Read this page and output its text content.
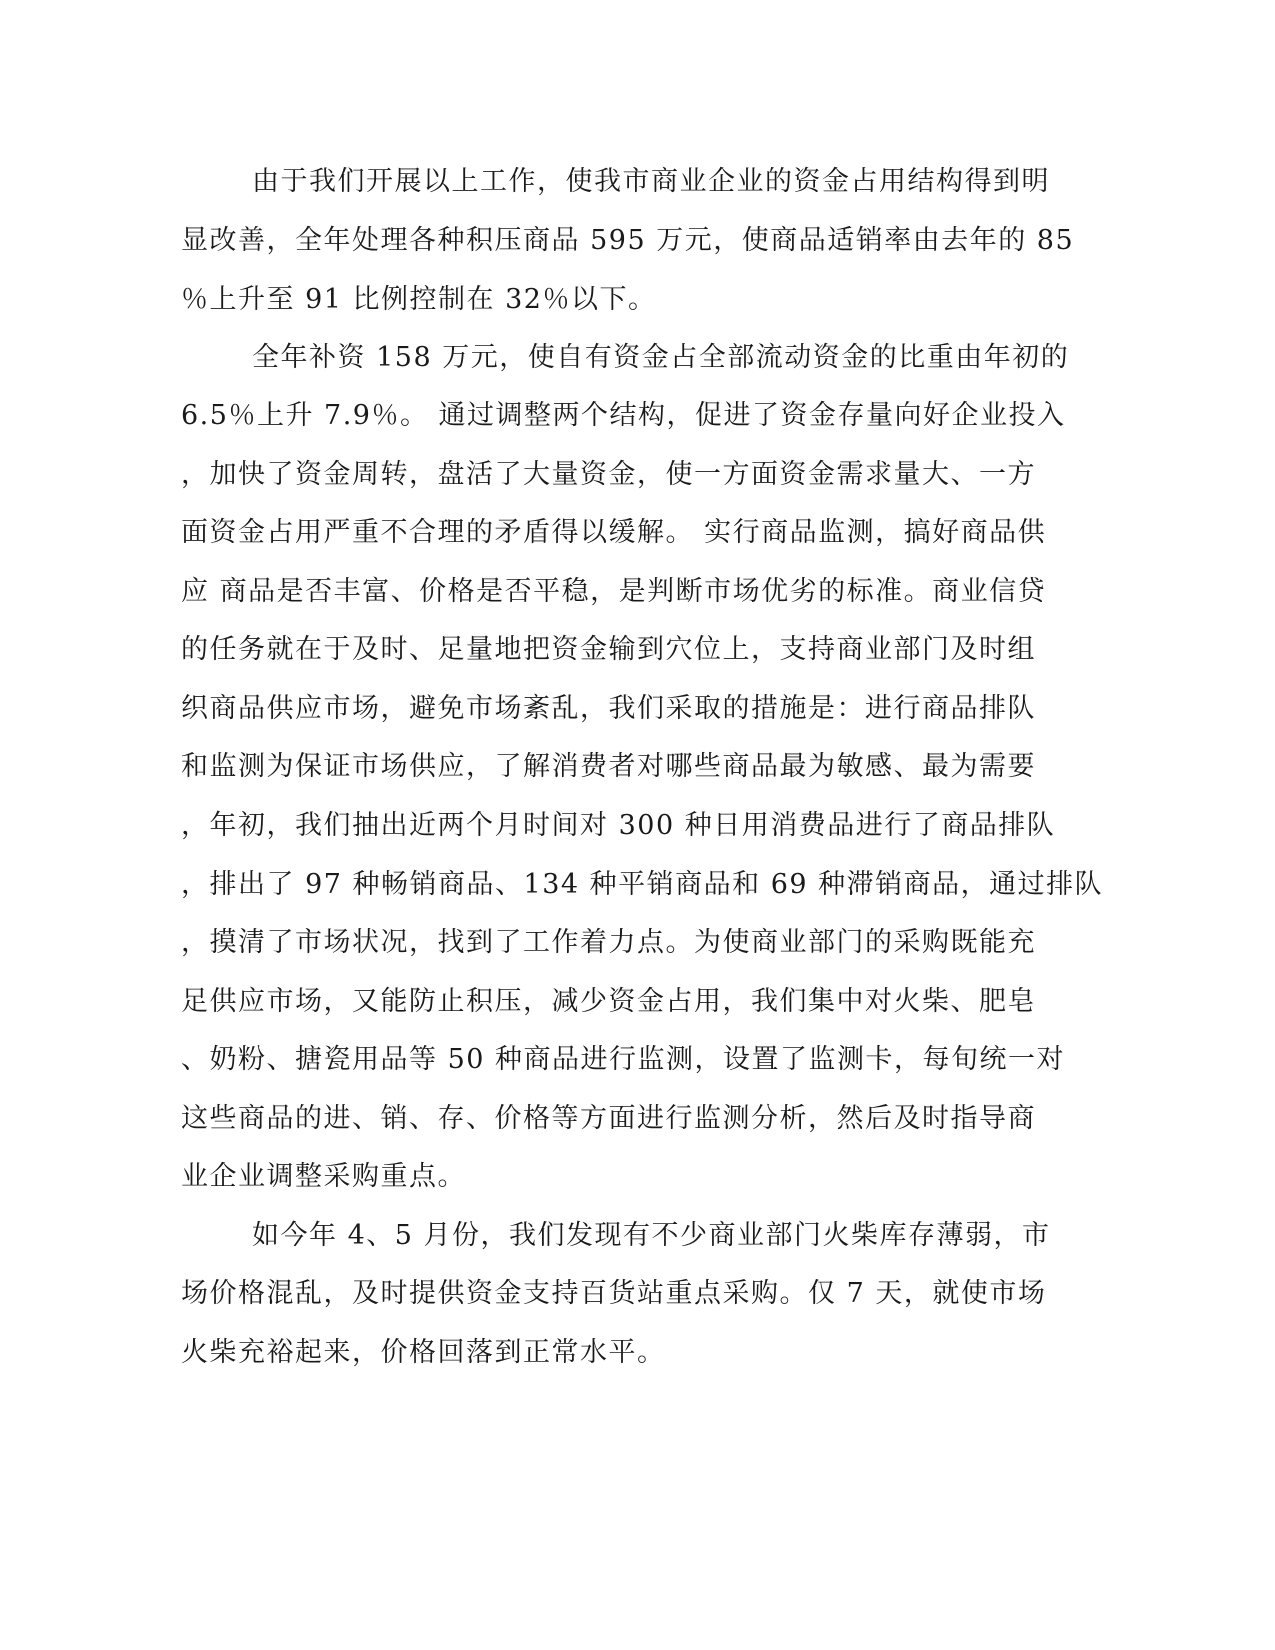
由于我们开展以上工作，使我市商业企业的资金占用结构得到明
显改善，全年处理各种积压商品 595 万元，使商品适销率由去年的 85
％上升至 91 比例控制在 32％以下。
全年补资 158 万元，使自有资金占全部流动资金的比重由年初的
6.5％上升 7.9％。 通过调整两个结构，促进了资金存量向好企业投入
，加快了资金周转，盘活了大量资金，使一方面资金需求量大、一方
面资金占用严重不合理的矛盾得以缓解。 实行商品监测，搞好商品供
应 商品是否丰富、价格是否平稳，是判断市场优劣的标准。商业信贷
的任务就在于及时、足量地把资金输到穴位上，支持商业部门及时组
织商品供应市场，避免市场紊乱，我们采取的措施是：进行商品排队
和监测为保证市场供应，了解消费者对哪些商品最为敏感、最为需要
，年初，我们抽出近两个月时间对 300 种日用消费品进行了商品排队
，排出了 97 种畅销商品、134 种平销商品和 69 种滞销商品，通过排队
，摸清了市场状况，找到了工作着力点。为使商业部门的采购既能充
足供应市场，又能防止积压，减少资金占用，我们集中对火柴、肥皂
、奶粉、搪瓷用品等 50 种商品进行监测，设置了监测卡，每旬统一对
这些商品的进、销、存、价格等方面进行监测分析，然后及时指导商
业企业调整采购重点。
如今年 4、5 月份，我们发现有不少商业部门火柴库存薄弱，市
场价格混乱，及时提供资金支持百货站重点采购。仅 7 天，就使市场
火柴充裕起来，价格回落到正常水平。
